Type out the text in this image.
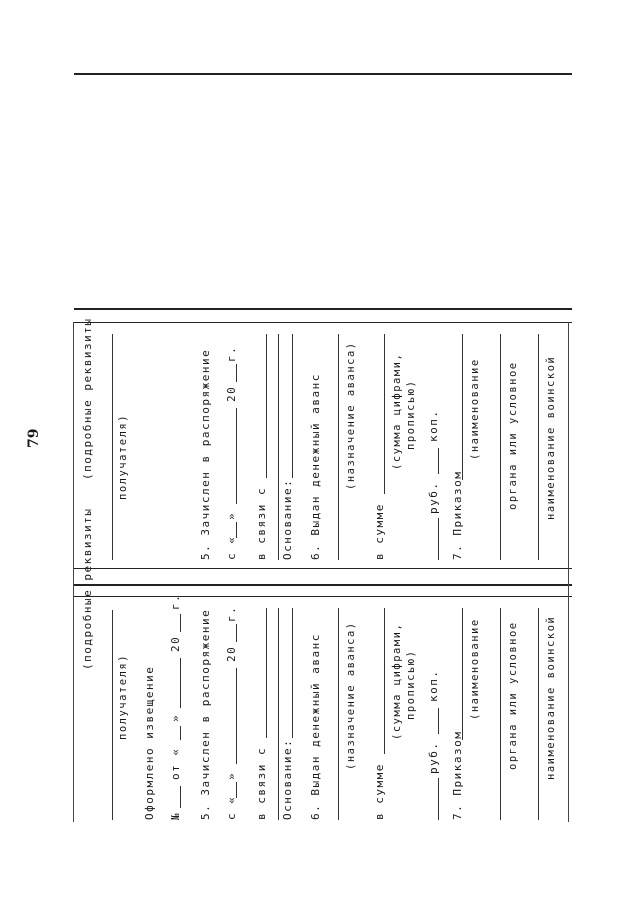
79
(подробные реквизиты
получателя) Оформлено извещение №
от «
»
20
г.
5. Зачислен в распоряжение с «
»
20
г.
в связи с Основание: 6. Выдан денежный аванс (назначение аванса)
в сумме
(сумма цифрами, прописью)
руб.
коп.
7. Приказом
(наименование органа или условное наименование воинской
(подробные реквизиты получателя)	5. Зачислен в распоряжение с «
»
20
г.
в связи с Основание: 6. Выдан денежный аванс (назначение аванса)
в сумме
(сумма цифрами, прописью)
руб.
коп.
7. Приказом
(наименование органа или условное наименование воинской
